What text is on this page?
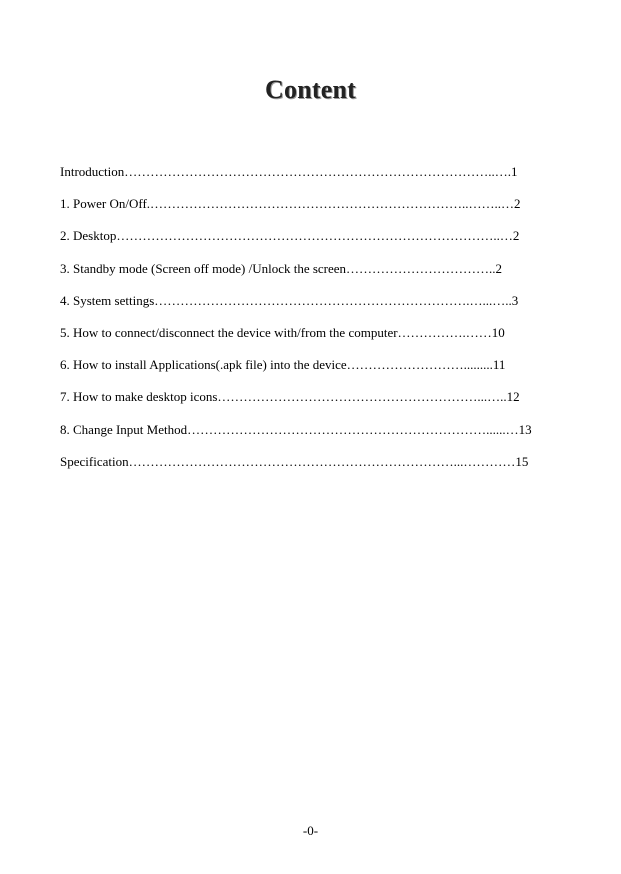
Content
Introduction…………………………………………………………………………..….1
1. Power On/Off.………………………………………………………………..……..…2
2. Desktop……………………………………………………………………………..…2
3. Standby mode (Screen off mode) /Unlock the screen……………………………..2
4. System settings……………………………………………………………….…...…..3
5. How to connect/disconnect the device with/from the computer…………….……10
6. How to install Applications(.apk file) into the device……………………….........11
7. How to make desktop icons……………………………………………………...…..12
8. Change Input Method……………………………………………………………......…13
Specification…………………………………………………………………...…………15
-0-
